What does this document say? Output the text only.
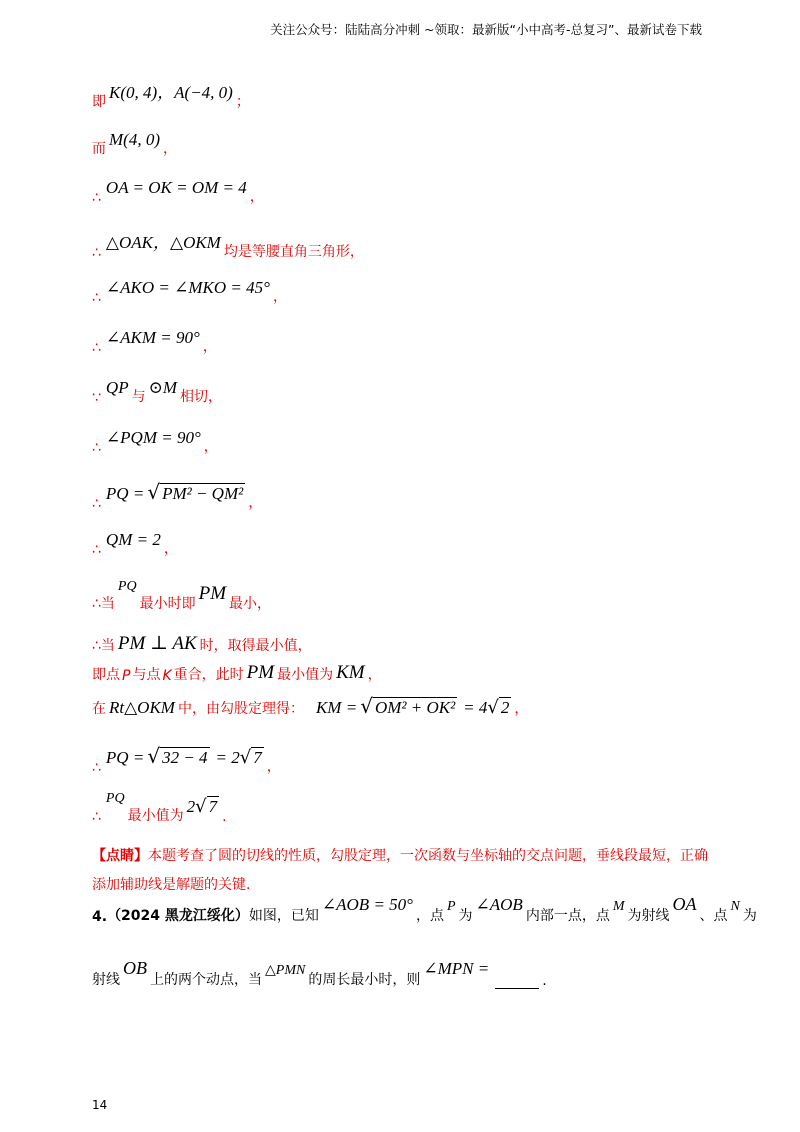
关注公众号：陆陆高分冲刺 ~领取：最新版“小中高考-总复习”、最新试卷下载
即 K(0, 4)，A(−4, 0) ；
而 M(4, 0) ，
∴
OA = OK = OM = 4 ，
∴
△OAK，△OKM 均是等腰直角三角形，
∴
∠AKO = ∠MKO = 45° ，
∴
∠AKM = 90° ，
∵
QP 与 ⊙M 相切，
∴
∠PQM = 90° ，
∴
PQ = √ PM² − QM² ，
∴
QM = 2 ，
∴当
PQ
最小时即 PM 最小，
∴当 PM ⊥ AK 时，取得最小值，
即点 P 与点 K 重合，此时 PM 最小值为 KM ，
在 Rt△OKM 中，由勾股定理得： KM = √ OM² + OK² = 4 √ 2 ，
∴
PQ = √ 32 − 4 = 2 √ 7 ，
∴
PQ
最小值为 2 √ 7
.
【点睛】本题考查了圆的切线的性质，勾股定理，一次函数与坐标轴的交点问题，垂线段最短，正确添加辅助线是解题的关键.
4. （2024 黑龙江绥化） 如图，已知
∠AOB = 50°
，点
P
为
∠AOB
内部一点，点
M
为射线
OA
、点
N
为
射线
OB
上的两个动点，当
△PMN
的周长最小时，则
∠MPN =
.
14
